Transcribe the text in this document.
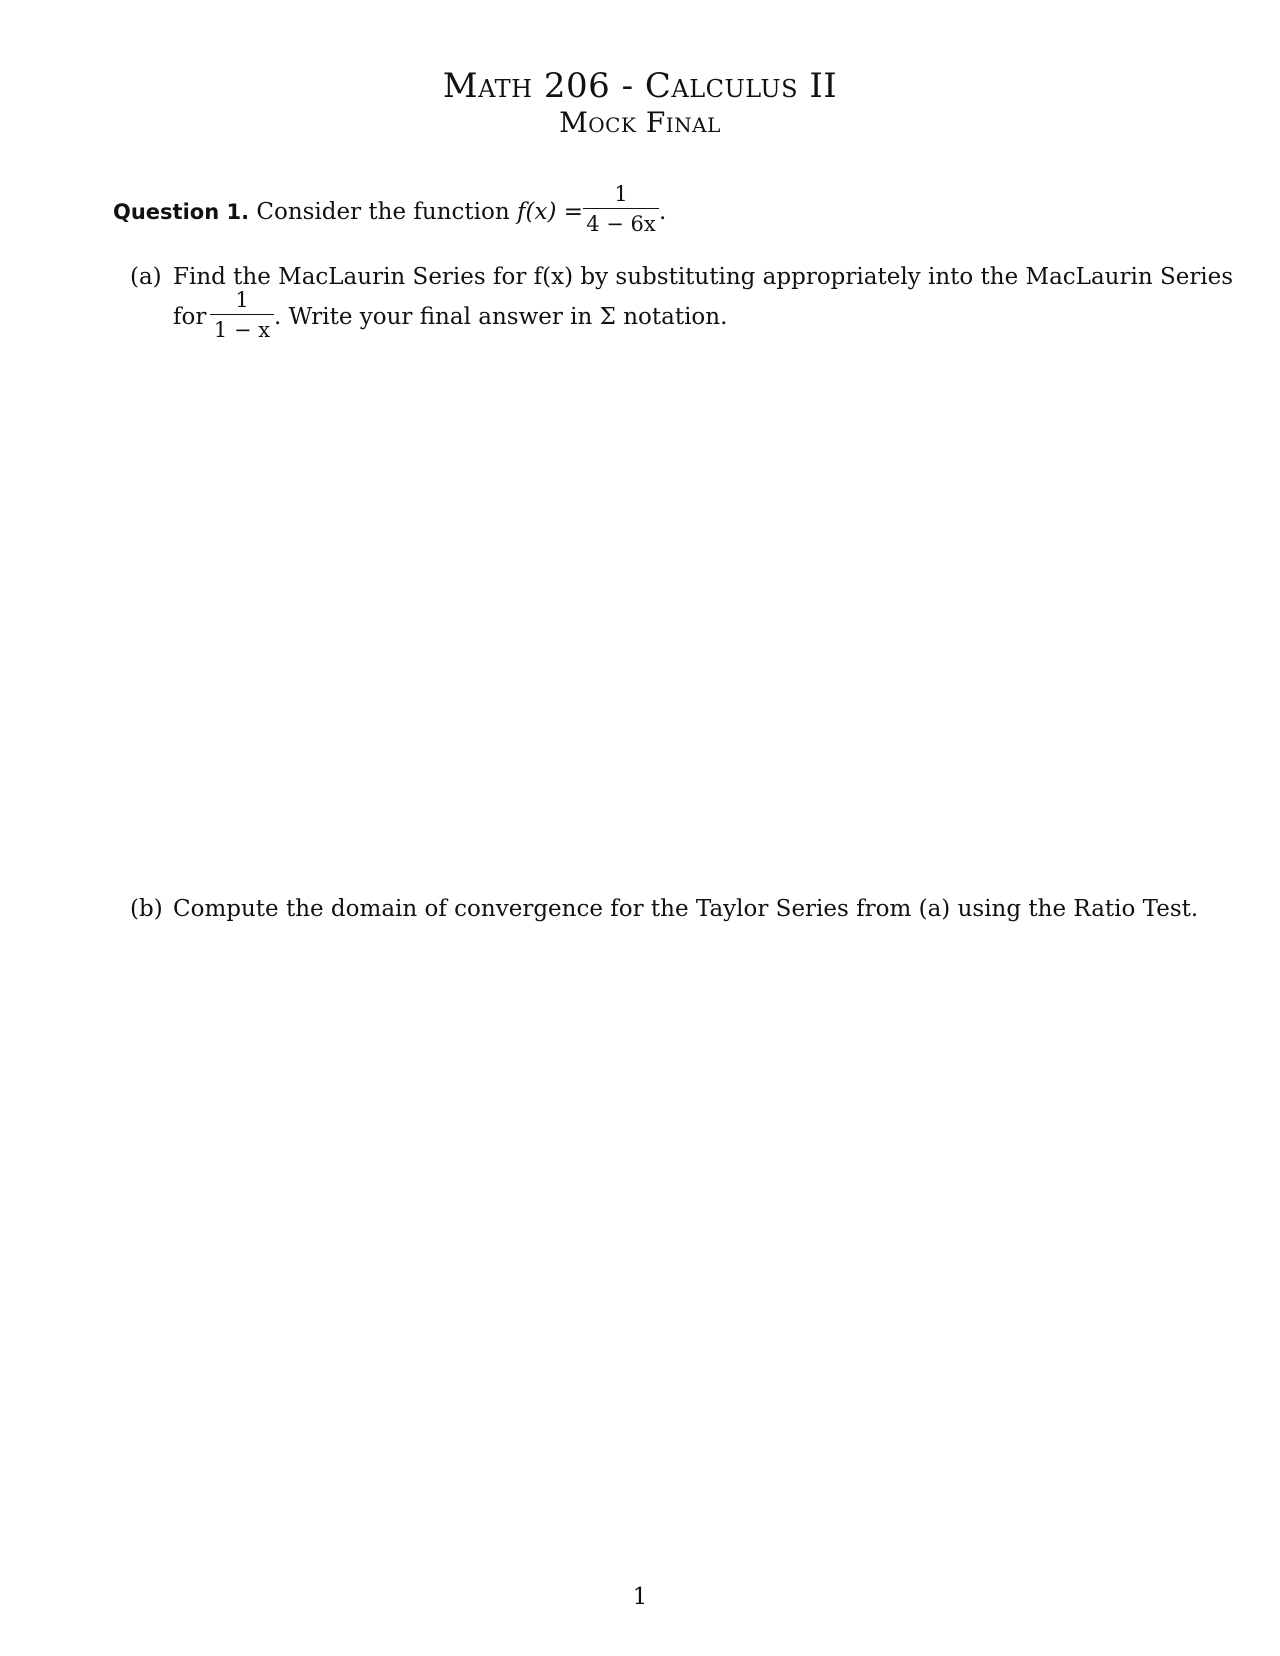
Math 206 - Calculus II
Mock Final
Question 1. Consider the function f(x) =
1
4 − 6x .
(a) Find the MacLaurin Series for f(x) by substituting appropriately into the MacLaurin Series
for
1
1 − x . Write your final answer in Σ notation.
(b) Compute the domain of convergence for the Taylor Series from (a) using the Ratio Test.
1
